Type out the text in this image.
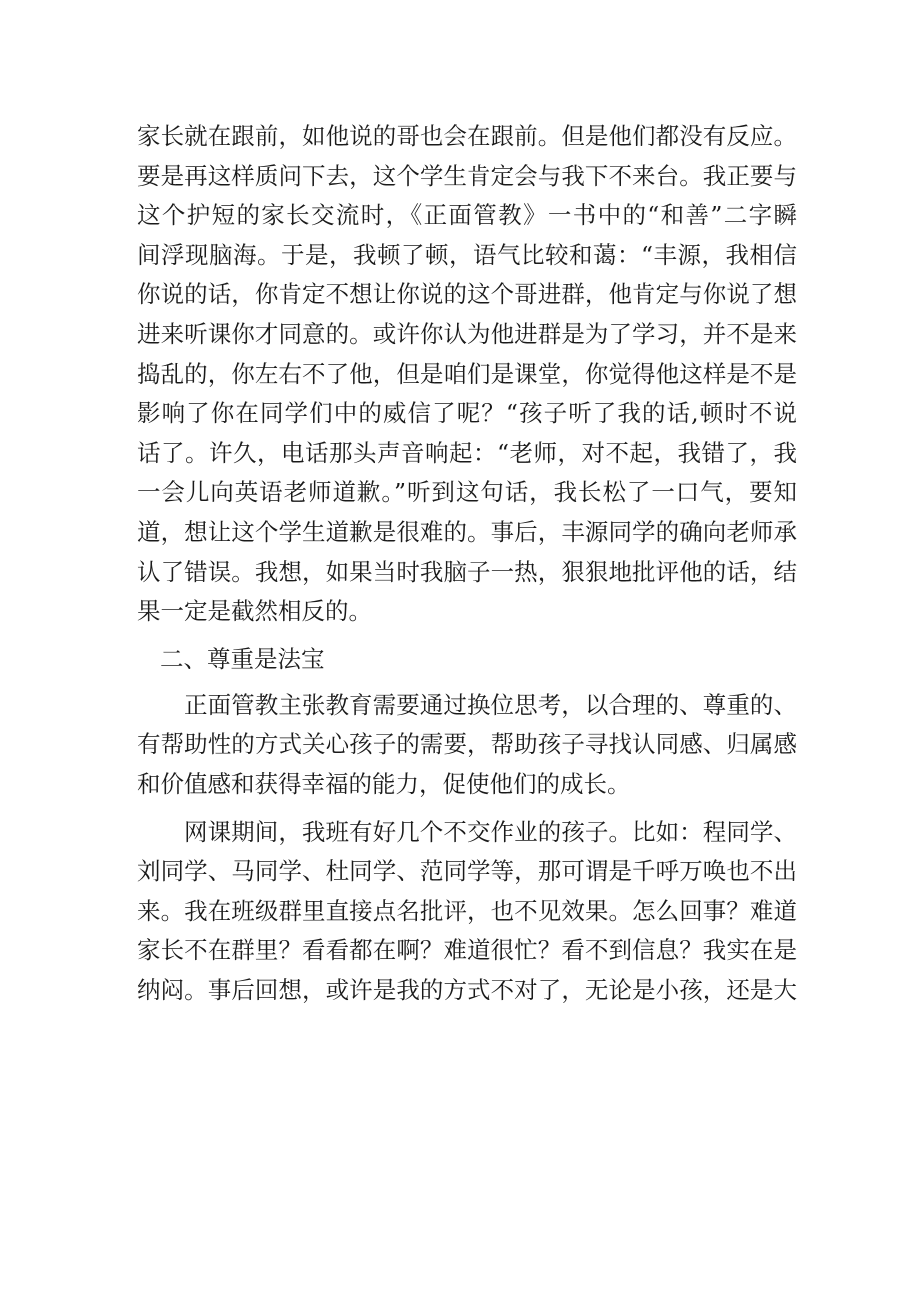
家长就在跟前，如他说的哥也会在跟前。但是他们都没有反应。
要是再这样质问下去，这个学生肯定会与我下不来台。我正要与
这个护短的家长交流时，《正面管教》一书中的“和善”二字瞬
间浮现脑海。于是，我顿了顿，语气比较和蔼：“丰源，我相信
你说的话，你肯定不想让你说的这个哥进群，他肯定与你说了想
进来听课你才同意的。或许你认为他进群是为了学习，并不是来
捣乱的，你左右不了他，但是咱们是课堂，你觉得他这样是不是
影响了你在同学们中的威信了呢？“孩子听了我的话,顿时不说
话了。许久，电话那头声音响起：“老师，对不起，我错了，我
一会儿向英语老师道歉。”听到这句话，我长松了一口气，要知
道，想让这个学生道歉是很难的。事后，丰源同学的确向老师承
认了错误。我想，如果当时我脑子一热，狠狠地批评他的话，结
果一定是截然相反的。
二、尊重是法宝
正面管教主张教育需要通过换位思考，以合理的、尊重的、
有帮助性的方式关心孩子的需要，帮助孩子寻找认同感、归属感
和价值感和获得幸福的能力，促使他们的成长。
网课期间，我班有好几个不交作业的孩子。比如：程同学、
刘同学、马同学、杜同学、范同学等，那可谓是千呼万唤也不出
来。我在班级群里直接点名批评，也不见效果。怎么回事？难道
家长不在群里？看看都在啊？难道很忙？看不到信息？我实在是
纳闷。事后回想，或许是我的方式不对了，无论是小孩，还是大
